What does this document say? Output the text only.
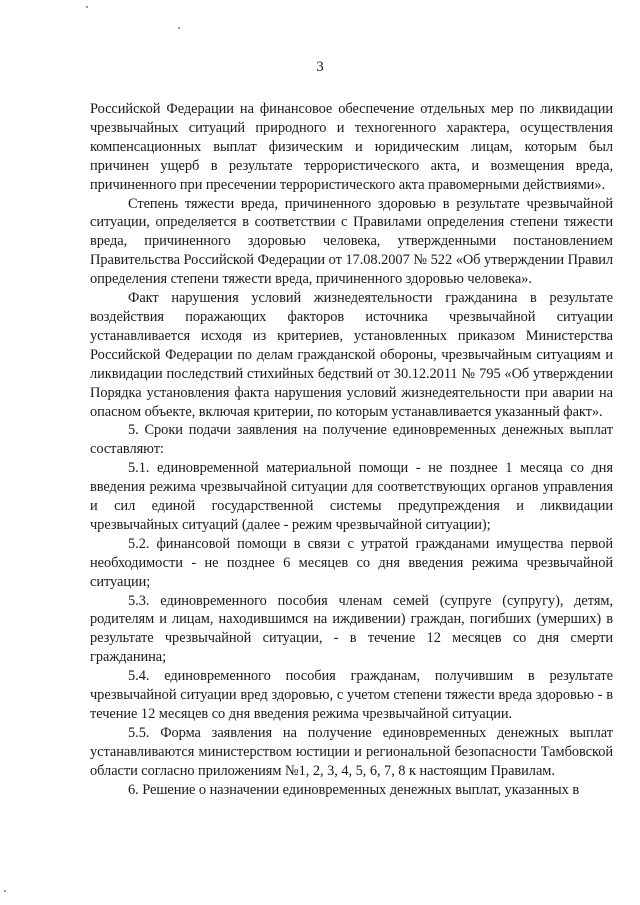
3

Российской Федерации на финансовое обеспечение отдельных мер по ликвидации чрезвычайных ситуаций природного и техногенного характера, осуществления компенсационных выплат физическим и юридическим лицам, которым был причинен ущерб в результате террористического акта, и возмещения вреда, причиненного при пресечении террористического акта правомерными действиями».

Степень тяжести вреда, причиненного здоровью в результате чрезвычайной ситуации, определяется в соответствии с Правилами определения степени тяжести вреда, причиненного здоровью человека, утвержденными постановлением Правительства Российской Федерации от 17.08.2007 № 522 «Об утверждении Правил определения степени тяжести вреда, причиненного здоровью человека».

Факт нарушения условий жизнедеятельности гражданина в результате воздействия поражающих факторов источника чрезвычайной ситуации устанавливается исходя из критериев, установленных приказом Министерства Российской Федерации по делам гражданской обороны, чрезвычайным ситуациям и ликвидации последствий стихийных бедствий от 30.12.2011 № 795 «Об утверждении Порядка установления факта нарушения условий жизнедеятельности при аварии на опасном объекте, включая критерии, по которым устанавливается указанный факт».

5. Сроки подачи заявления на получение единовременных денежных выплат составляют:

5.1. единовременной материальной помощи - не позднее 1 месяца со дня введения режима чрезвычайной ситуации для соответствующих органов управления и сил единой государственной системы предупреждения и ликвидации чрезвычайных ситуаций (далее - режим чрезвычайной ситуации);

5.2. финансовой помощи в связи с утратой гражданами имущества первой необходимости - не позднее 6 месяцев со дня введения режима чрезвычайной ситуации;

5.3. единовременного пособия членам семей (супруге (супругу), детям, родителям и лицам, находившимся на иждивении) граждан, погибших (умерших) в результате чрезвычайной ситуации, - в течение 12 месяцев со дня смерти гражданина;

5.4. единовременного пособия гражданам, получившим в результате чрезвычайной ситуации вред здоровью, с учетом степени тяжести вреда здоровью - в течение 12 месяцев со дня введения режима чрезвычайной ситуации.

5.5. Форма заявления на получение единовременных денежных выплат устанавливаются министерством юстиции и региональной безопасности Тамбовской области согласно приложениям №1, 2, 3, 4, 5, 6, 7, 8 к настоящим Правилам.

6. Решение о назначении единовременных денежных выплат, указанных в
